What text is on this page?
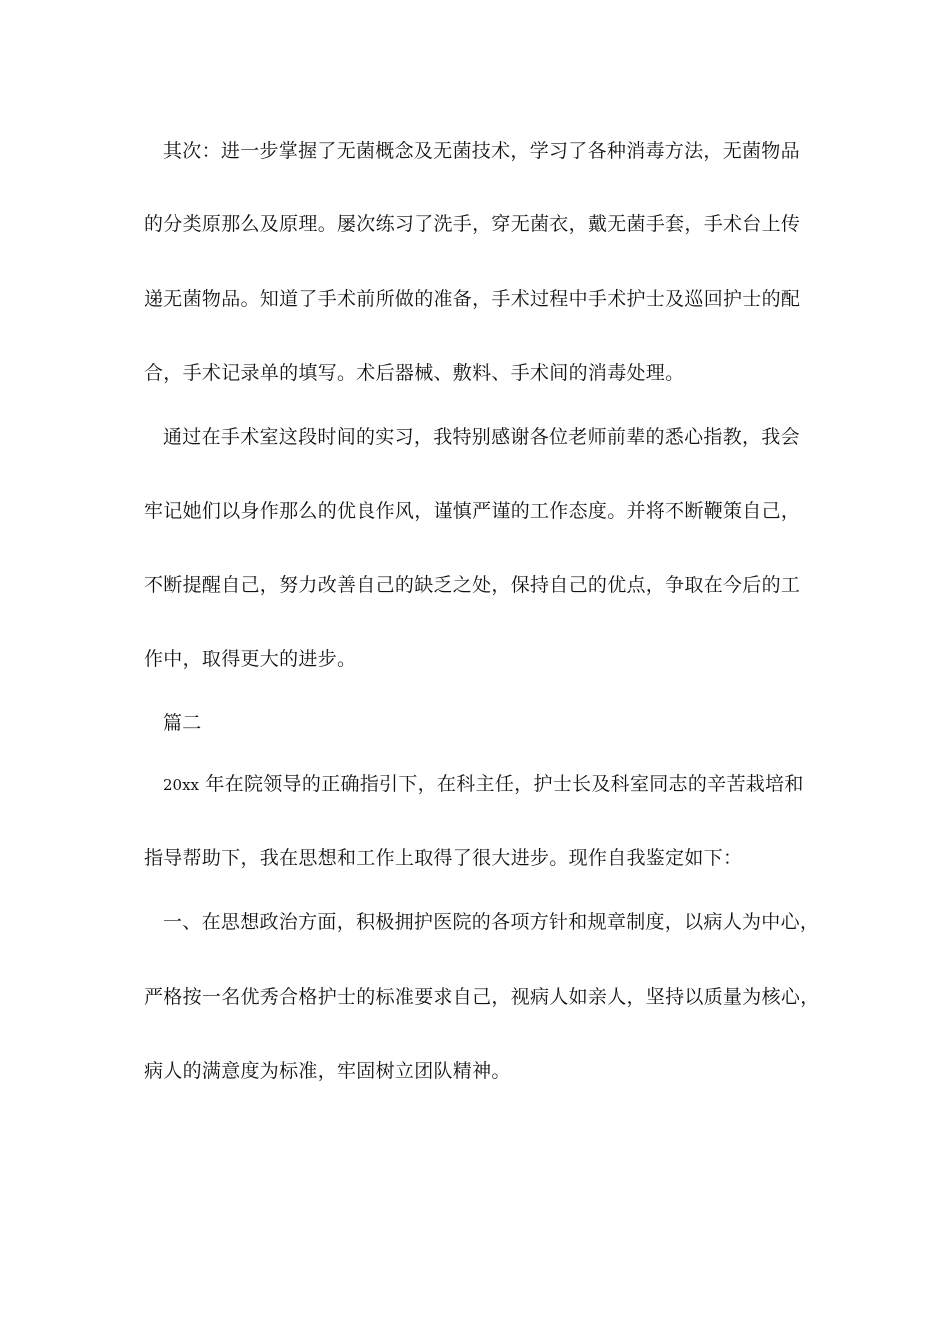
其次：进一步掌握了无菌概念及无菌技术，学习了各种消毒方法，无菌物品
的分类原那么及原理。屡次练习了洗手，穿无菌衣，戴无菌手套，手术台上传
递无菌物品。知道了手术前所做的准备，手术过程中手术护士及巡回护士的配
合，手术记录单的填写。术后器械、敷料、手术间的消毒处理。
通过在手术室这段时间的实习，我特别感谢各位老师前辈的悉心指教，我会
牢记她们以身作那么的优良作风，谨慎严谨的工作态度。并将不断鞭策自己，
不断提醒自己，努力改善自己的缺乏之处，保持自己的优点，争取在今后的工
作中，取得更大的进步。
篇二
20xx 年在院领导的正确指引下，在科主任，护士长及科室同志的辛苦栽培和
指导帮助下，我在思想和工作上取得了很大进步。现作自我鉴定如下：
一、在思想政治方面，积极拥护医院的各项方针和规章制度，以病人为中心，
严格按一名优秀合格护士的标准要求自己，视病人如亲人，坚持以质量为核心，
病人的满意度为标准，牢固树立团队精神。
